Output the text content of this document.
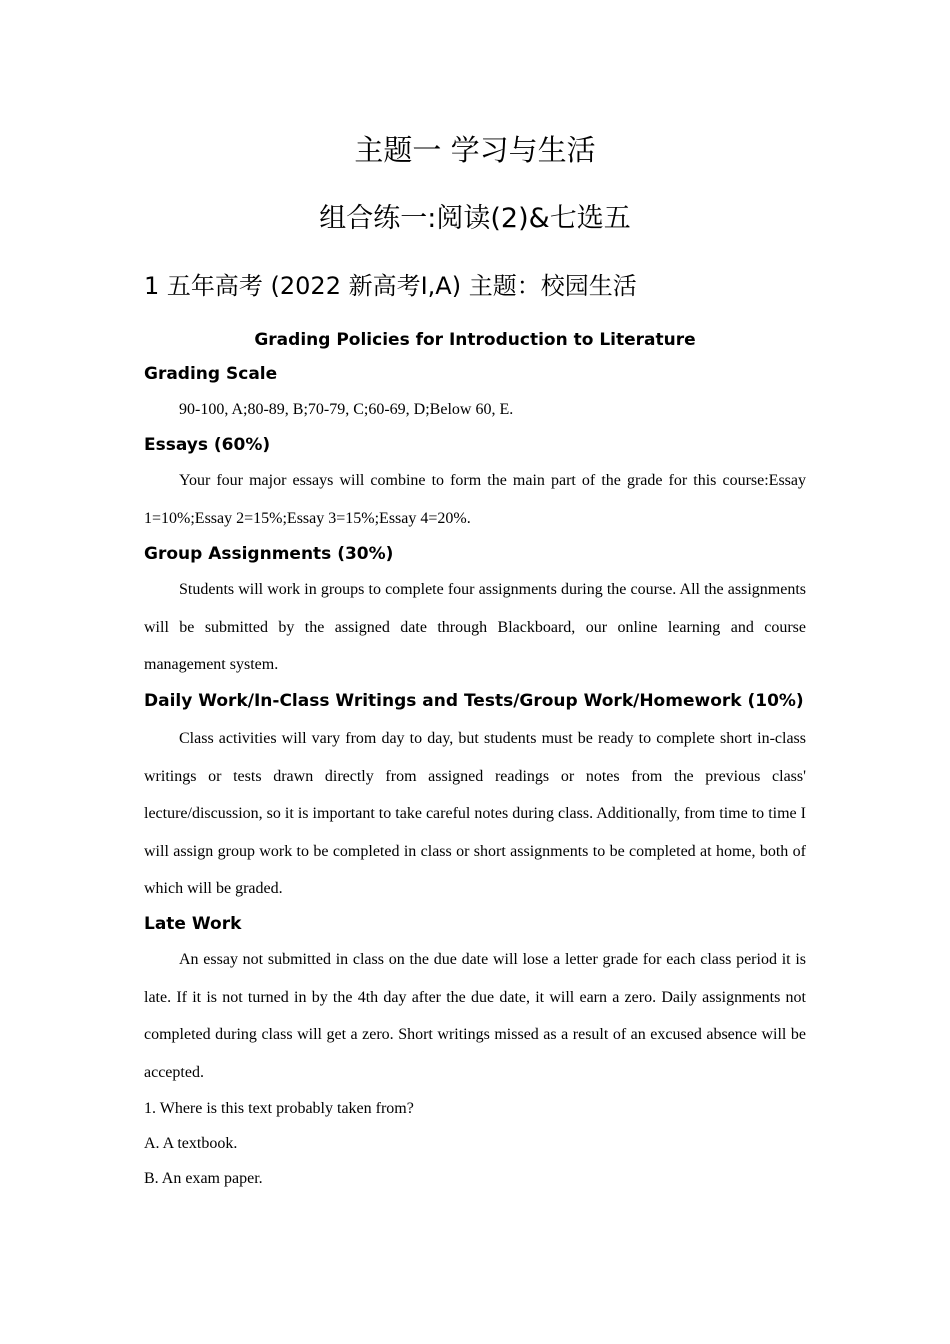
主题一 学习与生活
组合练一:阅读(2)&七选五
1 五年高考 (2022 新高考Ⅰ,A) 主题：校园生活
Grading Policies for Introduction to Literature
Grading Scale
90-100, A;80-89, B;70-79, C;60-69, D;Below 60, E.
Essays (60%)
Your four major essays will combine to form the main part of the grade for this course:Essay 1=10%;Essay 2=15%;Essay 3=15%;Essay 4=20%.
Group Assignments (30%)
Students will work in groups to complete four assignments during the course. All the assignments will be submitted by the assigned date through Blackboard, our online learning and course management system.
Daily Work/In-Class Writings and Tests/Group Work/Homework (10%)
Class activities will vary from day to day, but students must be ready to complete short in-class writings or tests drawn directly from assigned readings or notes from the previous class' lecture/discussion, so it is important to take careful notes during class. Additionally, from time to time I will assign group work to be completed in class or short assignments to be completed at home, both of which will be graded.
Late Work
An essay not submitted in class on the due date will lose a letter grade for each class period it is late. If it is not turned in by the 4th day after the due date, it will earn a zero. Daily assignments not completed during class will get a zero. Short writings missed as a result of an excused absence will be accepted.
1. Where is this text probably taken from?
A. A textbook.
B. An exam paper.
